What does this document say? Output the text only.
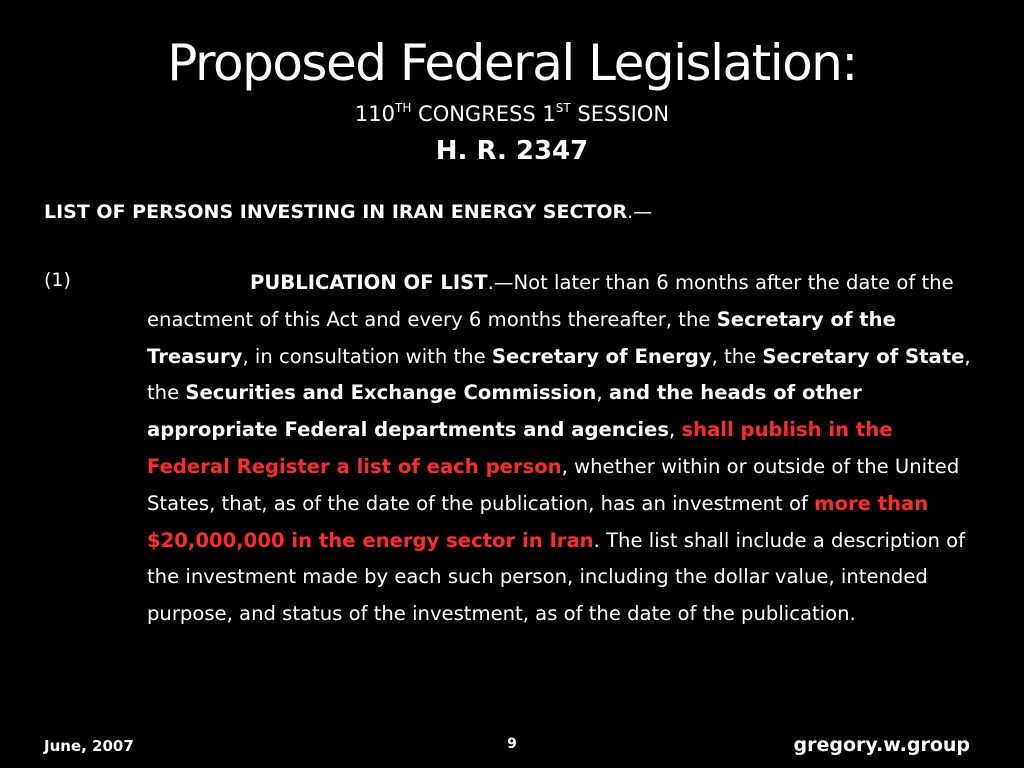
Proposed Federal Legislation:
110TH CONGRESS 1ST SESSION
H. R. 2347
LIST OF PERSONS INVESTING IN IRAN ENERGY SECTOR.—
(1)	PUBLICATION OF LIST.—Not later than 6 months after the date of the enactment of this Act and every 6 months thereafter, the Secretary of the Treasury, in consultation with the Secretary of Energy, the Secretary of State, the Securities and Exchange Commission, and the heads of other appropriate Federal departments and agencies, shall publish in the Federal Register a list of each person, whether within or outside of the United States, that, as of the date of the publication, has an investment of more than $20,000,000 in the energy sector in Iran. The list shall include a description of the investment made by each such person, including the dollar value, intended purpose, and status of the investment, as of the date of the publication.
June, 2007	9	gregory.w.group
